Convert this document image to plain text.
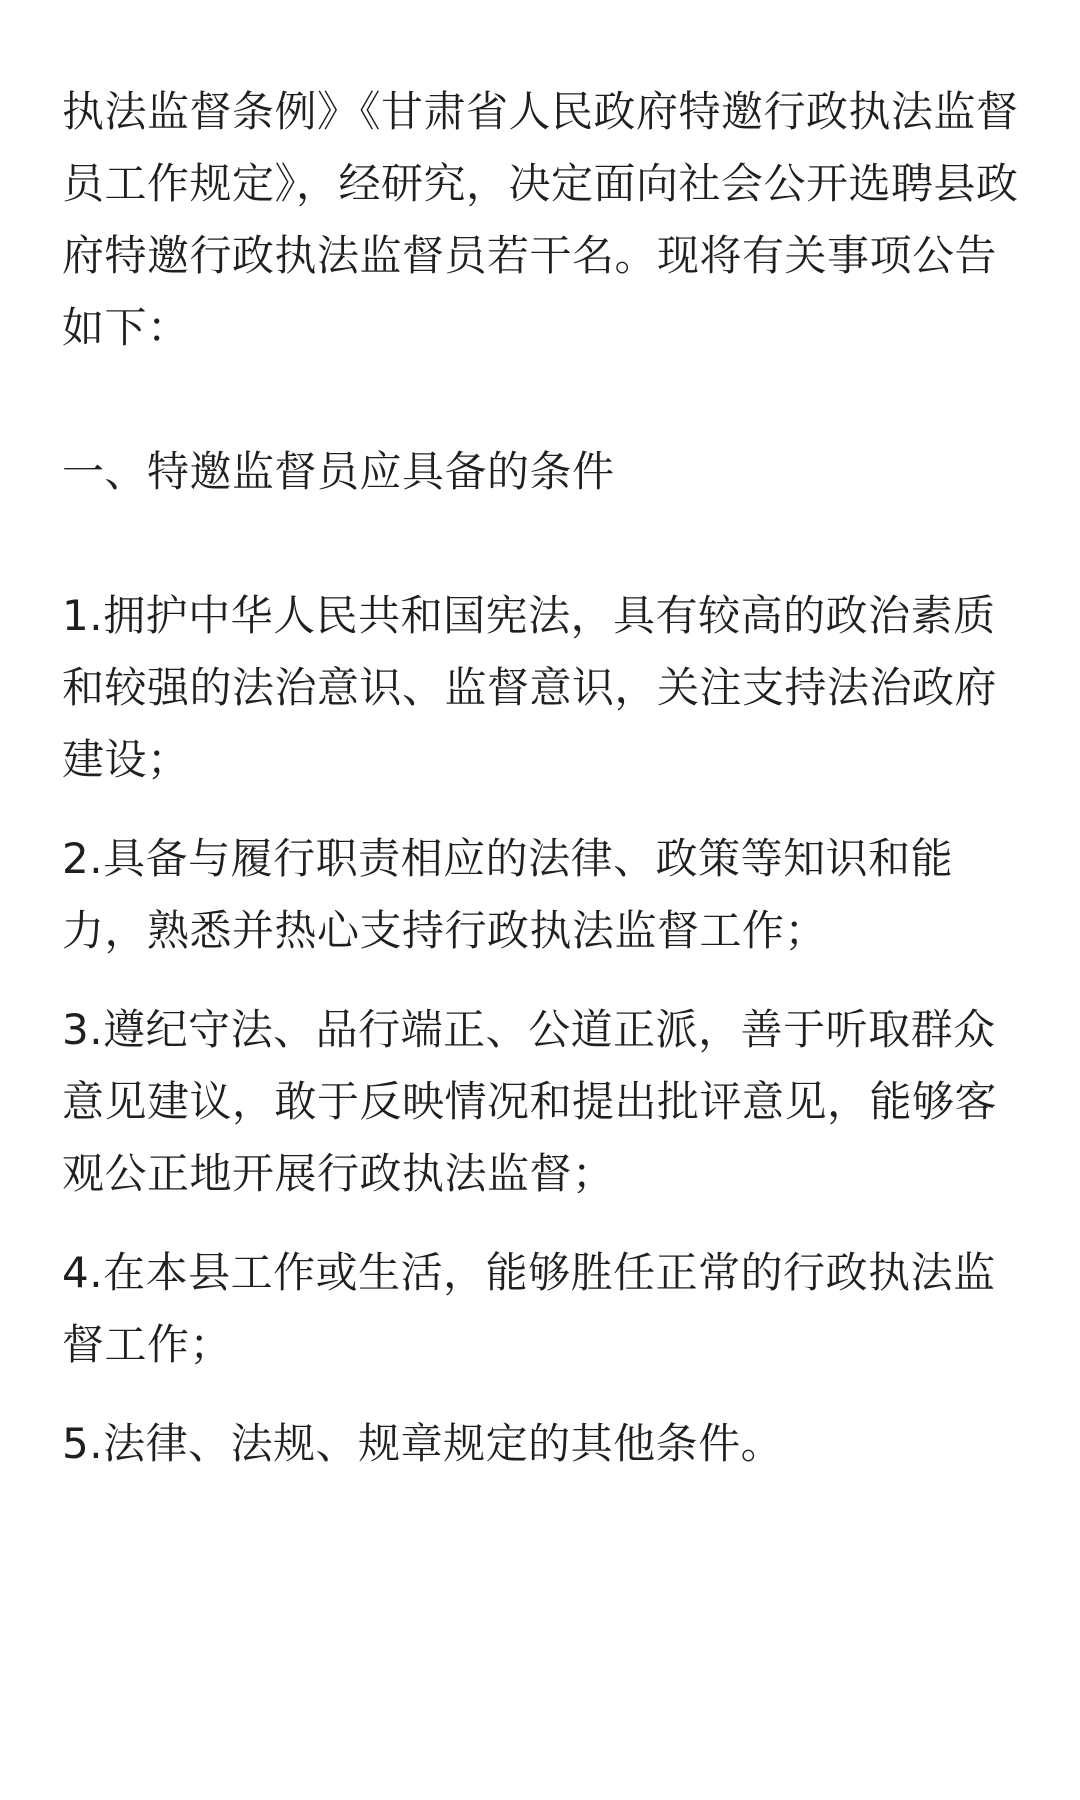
执法监督条例》《甘肃省人民政府特邀行政执法监督员工作规定》，经研究，决定面向社会公开选聘县政府特邀行政执法监督员若干名。现将有关事项公告如下：

一、特邀监督员应具备的条件

1.拥护中华人民共和国宪法，具有较高的政治素质和较强的法治意识、监督意识，关注支持法治政府建设；

2.具备与履行职责相应的法律、政策等知识和能力，熟悉并热心支持行政执法监督工作；

3.遵纪守法、品行端正、公道正派，善于听取群众意见建议，敢于反映情况和提出批评意见，能够客观公正地开展行政执法监督；

4.在本县工作或生活，能够胜任正常的行政执法监督工作；

5.法律、法规、规章规定的其他条件。
